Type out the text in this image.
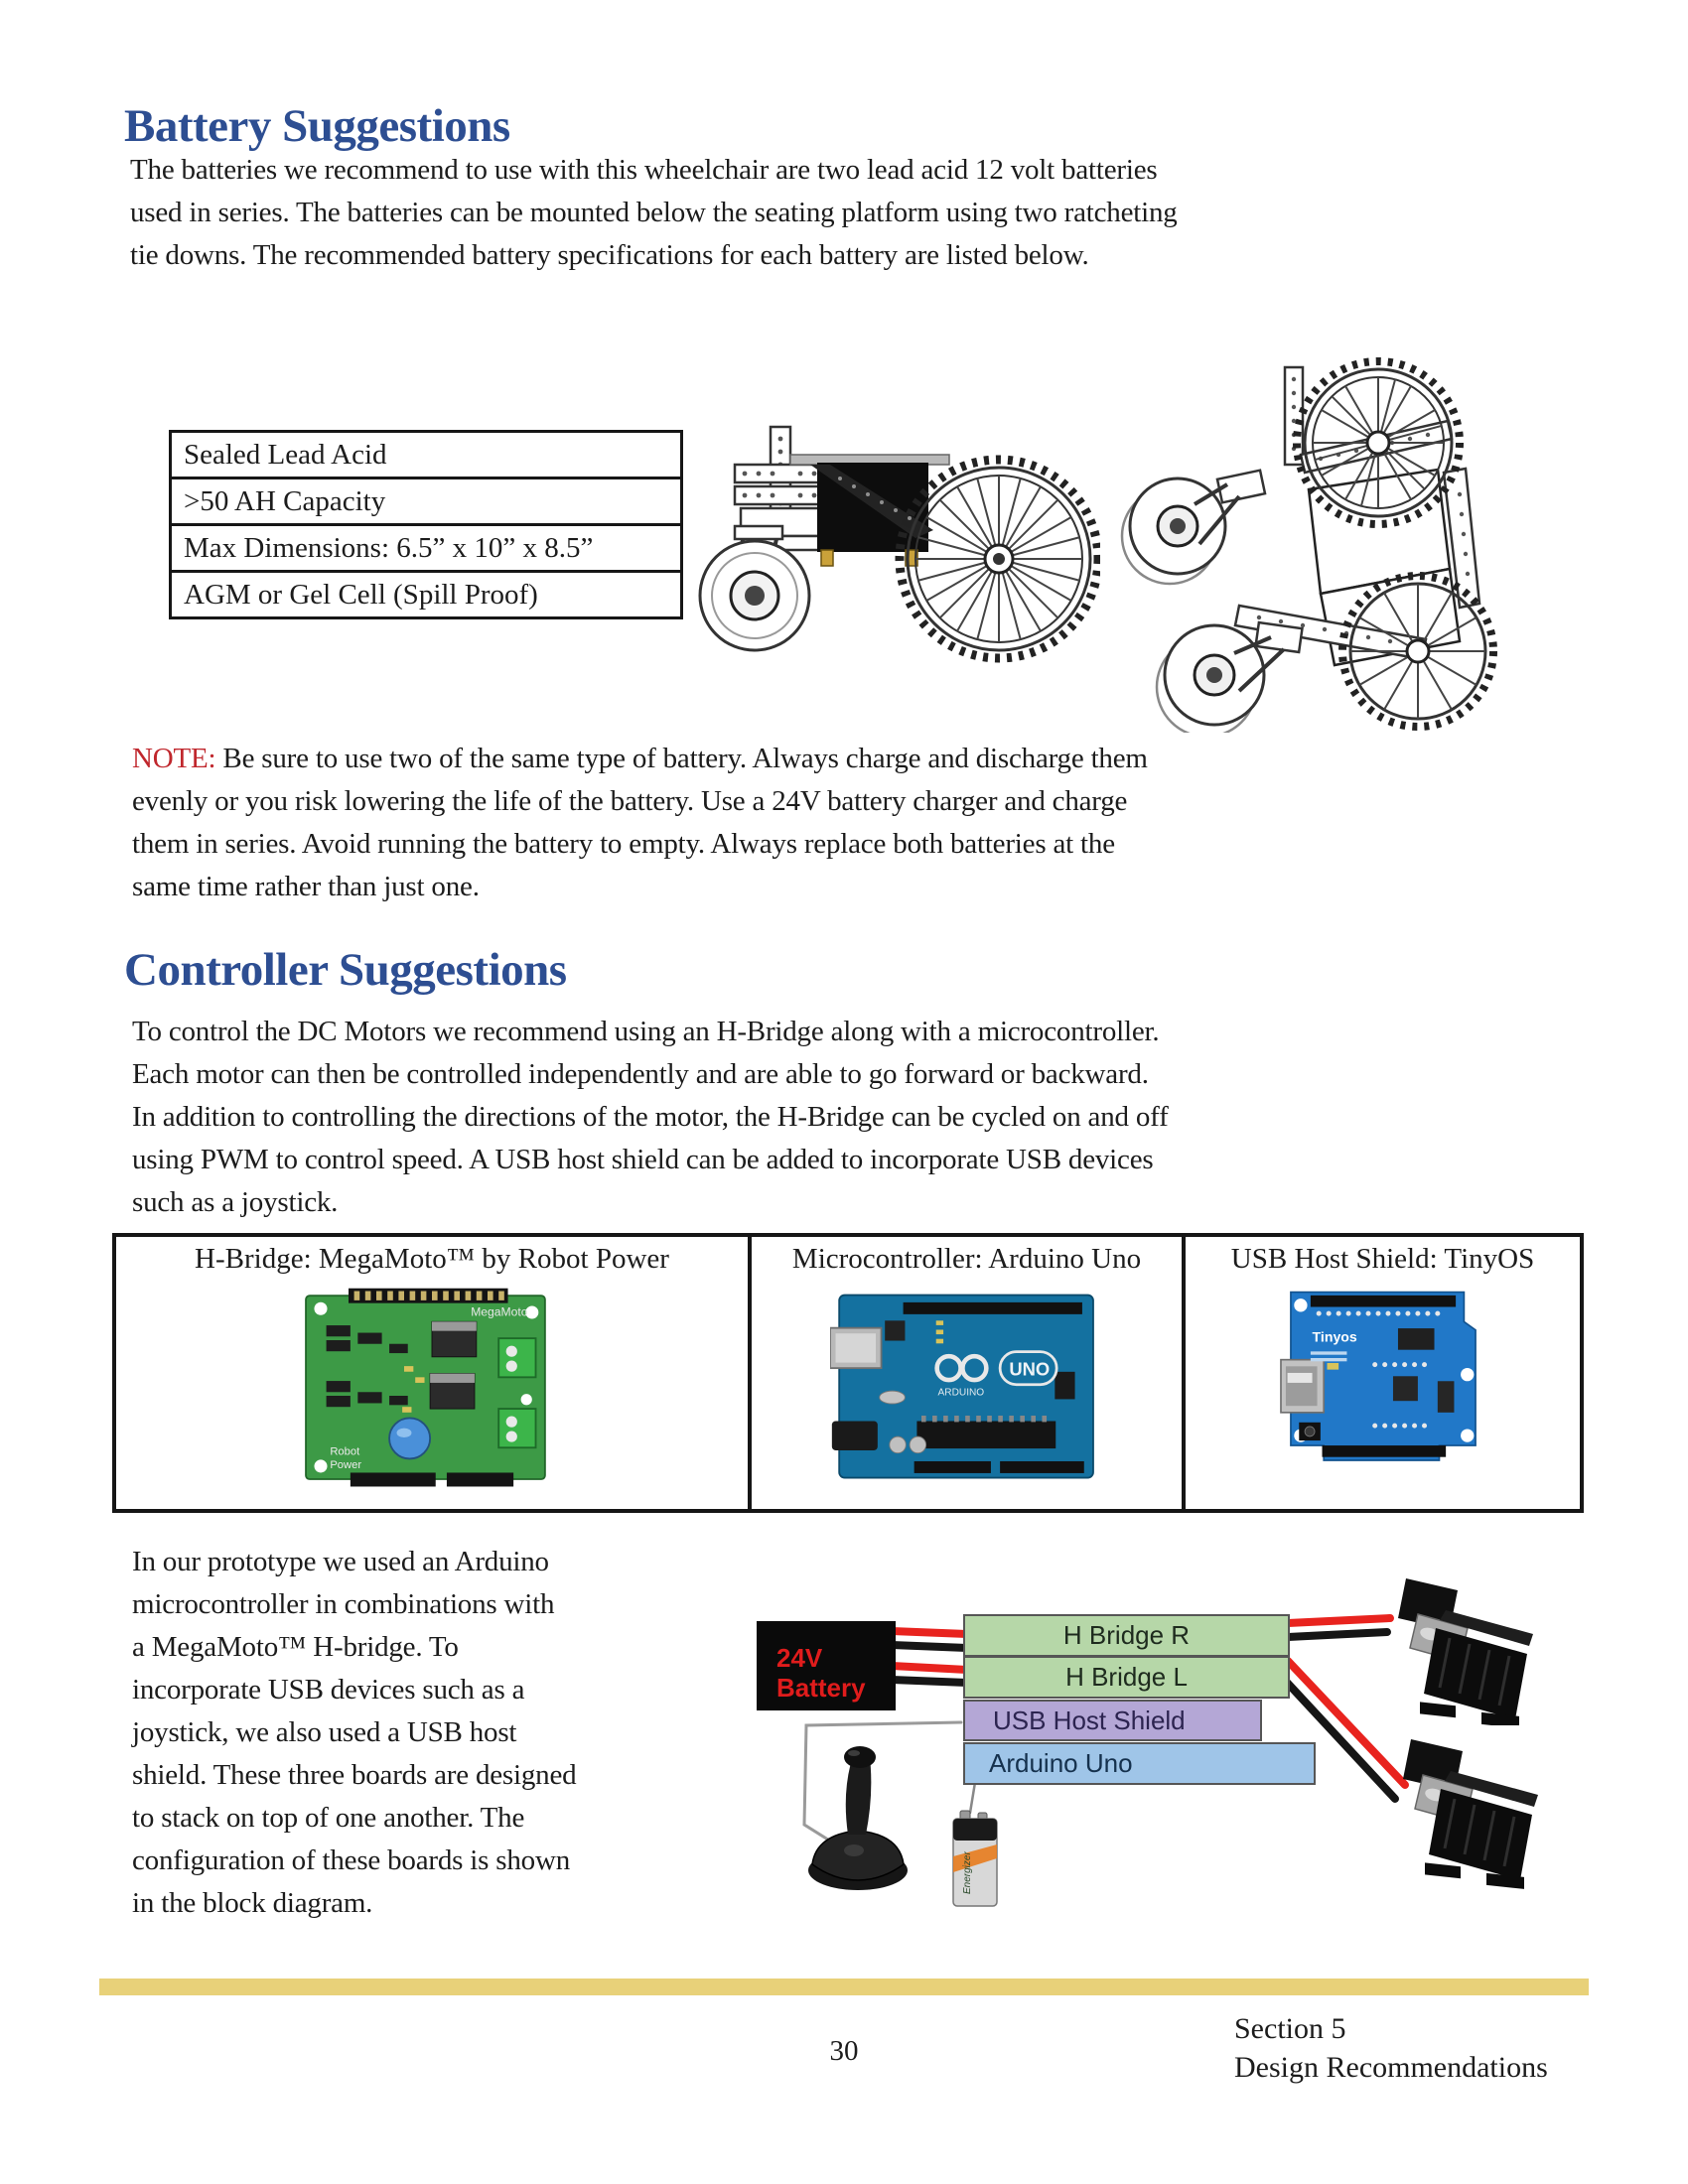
Battery Suggestions
The batteries we recommend to use with this wheelchair are two lead acid 12 volt batteries
used in series. The batteries can be mounted below the seating platform using two ratcheting
tie downs. The recommended battery specifications for each battery are listed below.
Sealed Lead Acid
>50 AH Capacity
Max Dimensions: 6.5” x 10” x 8.5”
AGM or Gel Cell (Spill Proof)
NOTE: Be sure to use two of the same type of battery. Always charge and discharge them
evenly or you risk lowering the life of the battery. Use a 24V battery charger and charge
them in series. Avoid running the battery to empty. Always replace both batteries at the
same time rather than just one.
Controller Suggestions
To control the DC Motors we recommend using an H-Bridge along with a microcontroller.
Each motor can then be controlled independently and are able to go forward or backward.
In addition to controlling the directions of the motor, the H-Bridge can be cycled on and off
using PWM to control speed. A USB host shield can be added to incorporate USB devices
such as a joystick.
H-Bridge: MegaMoto™ by Robot Power
MegaMoto
Robot
Power
Microcontroller: Arduino Uno
UNO
ARDUINO
USB Host Shield: TinyOS
Tinyos
In our prototype we used an Arduino
microcontroller in combinations with
a MegaMoto™ H-bridge. To
incorporate USB devices such as a
joystick, we also used a USB host
shield. These three boards are designed
to stack on top of one another. The
configuration of these boards is shown
in the block diagram.
24V
Battery
H Bridge R
H Bridge L
USB Host Shield
Arduino Uno
Energizer
30
Section 5
Design Recommendations
